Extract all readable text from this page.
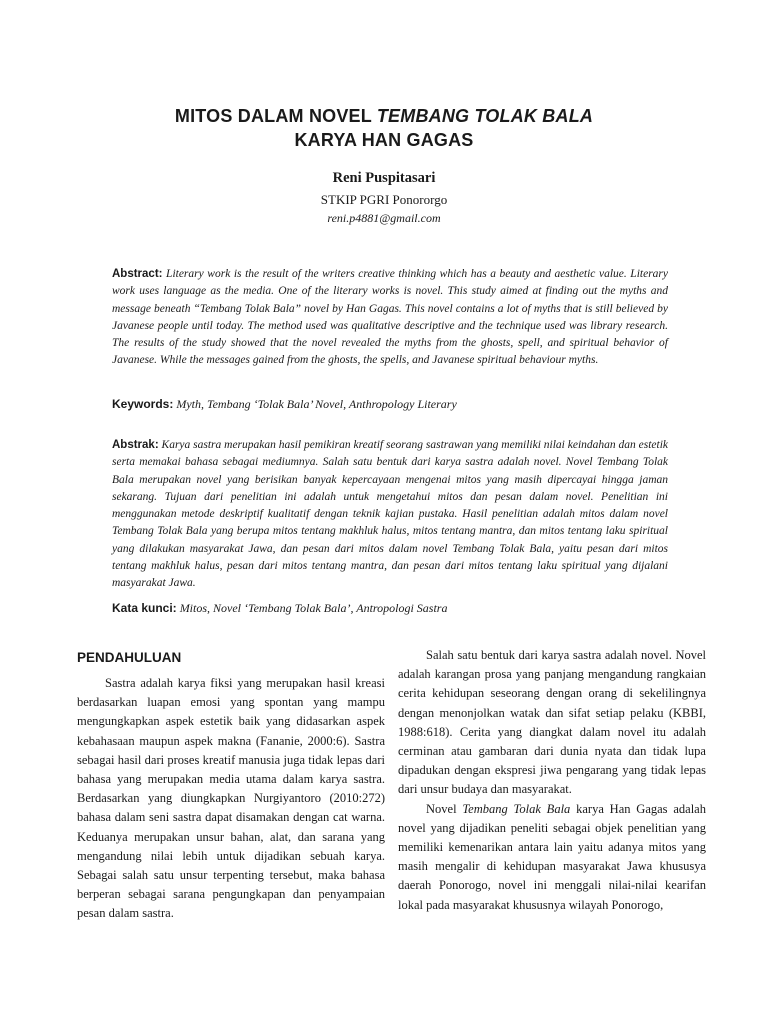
MITOS DALAM NOVEL TEMBANG TOLAK BALA
KARYA HAN GAGAS
Reni Puspitasari
STKIP PGRI Ponororgo
reni.p4881@gmail.com
Abstract: Literary work is the result of the writers creative thinking which has a beauty and aesthetic value. Literary work uses language as the media. One of the literary works is novel. This study aimed at finding out the myths and message beneath “Tembang Tolak Bala” novel by Han Gagas. This novel contains a lot of myths that is still believed by Javanese people until today. The method used was qualitative descriptive and the technique used was library research. The results of the study showed that the novel revealed the myths from the ghosts, spell, and spiritual behavior of Javanese. While the messages gained from the ghosts, the spells, and Javanese spiritual behaviour myths.
Keywords: Myth, Tembang ‘Tolak Bala’ Novel, Anthropology Literary
Abstrak: Karya sastra merupakan hasil pemikiran kreatif seorang sastrawan yang memiliki nilai keindahan dan estetik serta memakai bahasa sebagai mediumnya. Salah satu bentuk dari karya sastra adalah novel. Novel Tembang Tolak Bala merupakan novel yang berisikan banyak kepercayaan mengenai mitos yang masih dipercayai hingga jaman sekarang. Tujuan dari penelitian ini adalah untuk mengetahui mitos dan pesan dalam novel. Penelitian ini menggunakan metode deskriptif kualitatif dengan teknik kajian pustaka. Hasil penelitian adalah mitos dalam novel Tembang Tolak Bala yang berupa mitos tentang makhluk halus, mitos tentang mantra, dan mitos tentang laku spiritual yang dilakukan masyarakat Jawa, dan pesan dari mitos dalam novel Tembang Tolak Bala, yaitu pesan dari mitos tentang makhluk halus, pesan dari mitos tentang mantra, dan pesan dari mitos tentang laku spiritual yang dijalani masyarakat Jawa.
Kata kunci: Mitos, Novel ‘Tembang Tolak Bala’, Antropologi Sastra
PENDAHULUAN

Sastra adalah karya fiksi yang merupakan hasil kreasi berdasarkan luapan emosi yang spontan yang mampu mengungkapkan aspek estetik baik yang didasarkan aspek kebahasaan maupun aspek makna (Fananie, 2000:6). Sastra sebagai hasil dari proses kreatif manusia juga tidak lepas dari bahasa yang merupakan media utama dalam karya sastra. Berdasarkan yang diungkapkan Nurgiyantoro (2010:272) bahasa dalam seni sastra dapat disamakan dengan cat warna. Keduanya merupakan unsur bahan, alat, dan sarana yang mengandung nilai lebih untuk dijadikan sebuah karya. Sebagai salah satu unsur terpenting tersebut, maka bahasa berperan sebagai sarana pengungkapan dan penyampaian pesan dalam sastra.

Salah satu bentuk dari karya sastra adalah novel. Novel adalah karangan prosa yang panjang mengandung rangkaian cerita kehidupan seseorang dengan orang di sekelilingnya dengan menonjolkan watak dan sifat setiap pelaku (KBBI, 1988:618). Cerita yang diangkat dalam novel itu adalah cerminan atau gambaran dari dunia nyata dan tidak lupa dipadukan dengan ekspresi jiwa pengarang yang tidak lepas dari unsur budaya dan masyarakat.

Novel Tembang Tolak Bala karya Han Gagas adalah novel yang dijadikan peneliti sebagai objek penelitian yang memiliki kemenarikan antara lain yaitu adanya mitos yang masih mengalir di kehidupan masyarakat Jawa khususya daerah Ponorogo, novel ini menggali nilai-nilai kearifan lokal pada masyarakat khususnya wilayah Ponorogo,
